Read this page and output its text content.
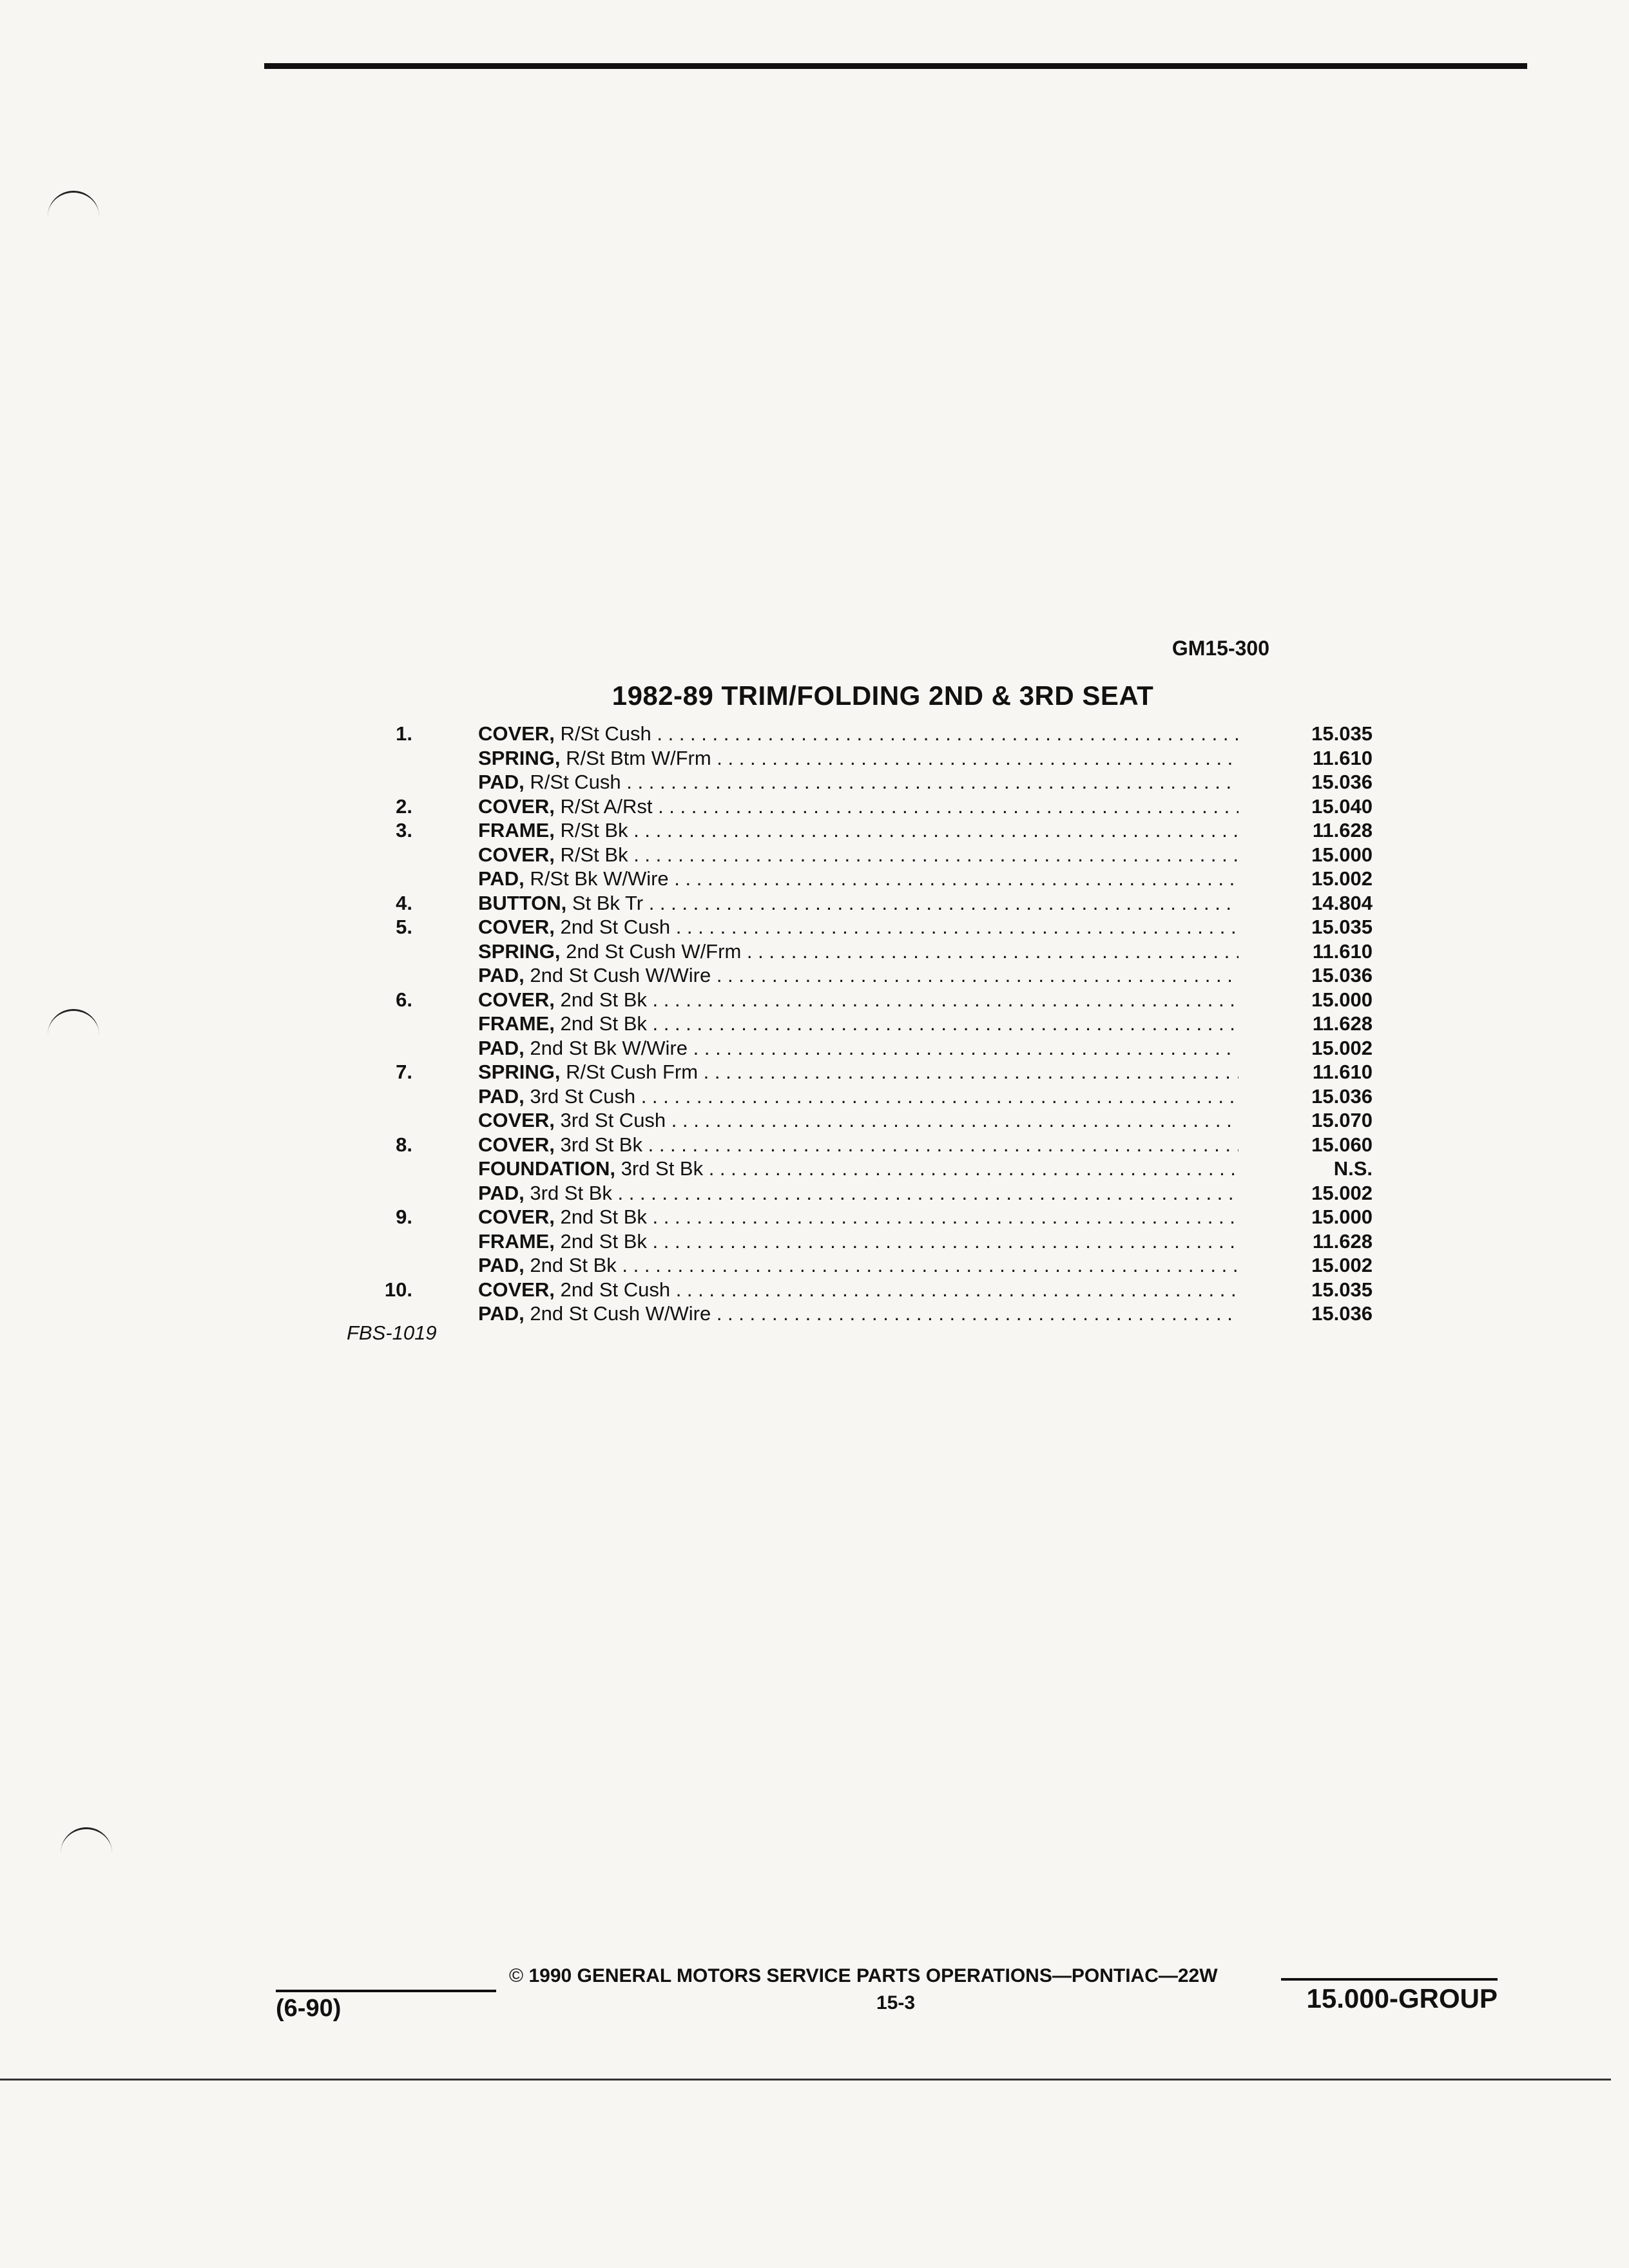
GM15-300
1982-89 TRIM/FOLDING 2ND & 3RD SEAT
1.	COVER, R/St Cush . . .	15.035
SPRING, R/St Btm W/Frm . . .	11.610
PAD, R/St Cush . . .	15.036
2.	COVER, R/St A/Rst . . .	15.040
3.	FRAME, R/St Bk . . .	11.628
COVER, R/St Bk . . .	15.000
PAD, R/St Bk W/Wire . . .	15.002
4.	BUTTON, St Bk Tr . . .	14.804
5.	COVER, 2nd St Cush . . .	15.035
SPRING, 2nd St Cush W/Frm . . .	11.610
PAD, 2nd St Cush W/Wire . . .	15.036
6.	COVER, 2nd St Bk . . .	15.000
FRAME, 2nd St Bk . . .	11.628
PAD, 2nd St Bk W/Wire . . .	15.002
7.	SPRING, R/St Cush Frm . . .	11.610
PAD, 3rd St Cush . . .	15.036
COVER, 3rd St Cush . . .	15.070
8.	COVER, 3rd St Bk . . .	15.060
FOUNDATION, 3rd St Bk . . .	N.S.
PAD, 3rd St Bk . . .	15.002
9.	COVER, 2nd St Bk . . .	15.000
FRAME, 2nd St Bk . . .	11.628
PAD, 2nd St Bk . . .	15.002
10.	COVER, 2nd St Cush . . .	15.035
PAD, 2nd St Cush W/Wire . . .	15.036
FBS-1019
© 1990 GENERAL MOTORS SERVICE PARTS OPERATIONS—PONTIAC—22W
(6-90)	15-3	15.000-GROUP
